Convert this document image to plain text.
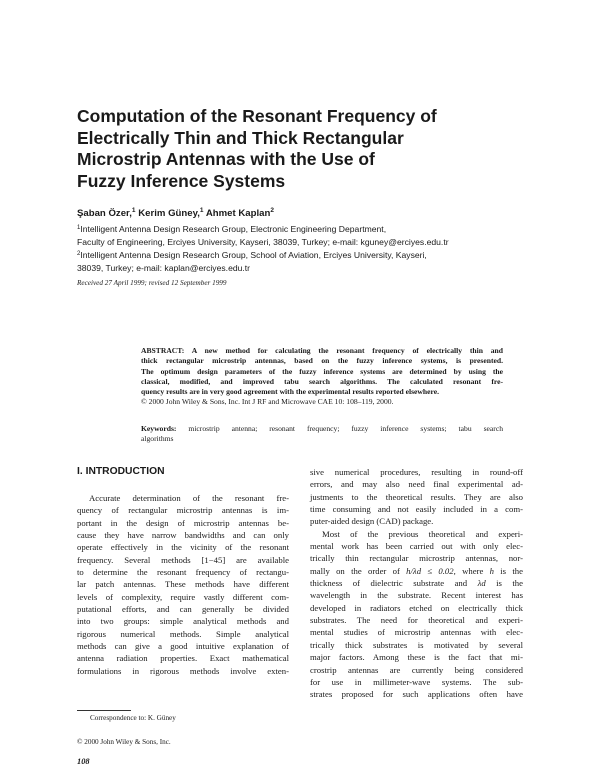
Computation of the Resonant Frequency of
Electrically Thin and Thick Rectangular
Microstrip Antennas with the Use of
Fuzzy Inference Systems
Şaban Özer,$^1$ Kerim Güney,$^1$ Ahmet Kaplan$^2$
$^1$Intelligent Antenna Design Research Group, Electronic Engineering Department,
Faculty of Engineering, Erciyes University, Kayseri, 38039, Turkey; e-mail: kguney@erciyes.edu.tr
$^2$Intelligent Antenna Design Research Group, School of Aviation, Erciyes University, Kayseri,
38039, Turkey; e-mail: kaplan@erciyes.edu.tr
Received 27 April 1999; revised 12 September 1999
ABSTRACT: A new method for calculating the resonant frequency of electrically thin and
thick rectangular microstrip antennas, based on the fuzzy inference systems, is presented.
The optimum design parameters of the fuzzy inference systems are determined by using the
classical, modified, and improved tabu search algorithms. The calculated resonant fre-
quency results are in very good agreement with the experimental results reported elsewhere.
© 2000 John Wiley & Sons, Inc. Int J RF and Microwave CAE 10: 108–119, 2000.
Keywords: microstrip antenna; resonant frequency; fuzzy inference systems; tabu search
algorithms
I. INTRODUCTION
Accurate determination of the resonant fre-
quency of rectangular microstrip antennas is im-
portant in the design of microstrip antennas be-
cause they have narrow bandwidths and can only
operate effectively in the vicinity of the resonant
frequency. Several methods [1−45] are available
to determine the resonant frequency of rectangu-
lar patch antennas. These methods have different
levels of complexity, require vastly different com-
putational efforts, and can generally be divided
into two groups: simple analytical methods and
rigorous numerical methods. Simple analytical
methods can give a good intuitive explanation of
antenna radiation properties. Exact mathematical
formulations in rigorous methods involve exten-
sive numerical procedures, resulting in round-off
errors, and may also need final experimental ad-
justments to the theoretical results. They are also
time consuming and not easily included in a com-
puter-aided design (CAD) package.
Most of the previous theoretical and experi-
mental work has been carried out with only elec-
trically thin rectangular microstrip antennas, nor-
mally on the order of h/λd ≤ 0.02, where h is the
thickness of dielectric substrate and λd is the
wavelength in the substrate. Recent interest has
developed in radiators etched on electrically thick
substrates. The need for theoretical and experi-
mental studies of microstrip antennas with elec-
trically thick substrates is motivated by several
major factors. Among these is the fact that mi-
crostrip antennas are currently being considered
for use in millimeter-wave systems. The sub-
strates proposed for such applications often have
Correspondence to: K. Güney
© 2000 John Wiley & Sons, Inc.
108
